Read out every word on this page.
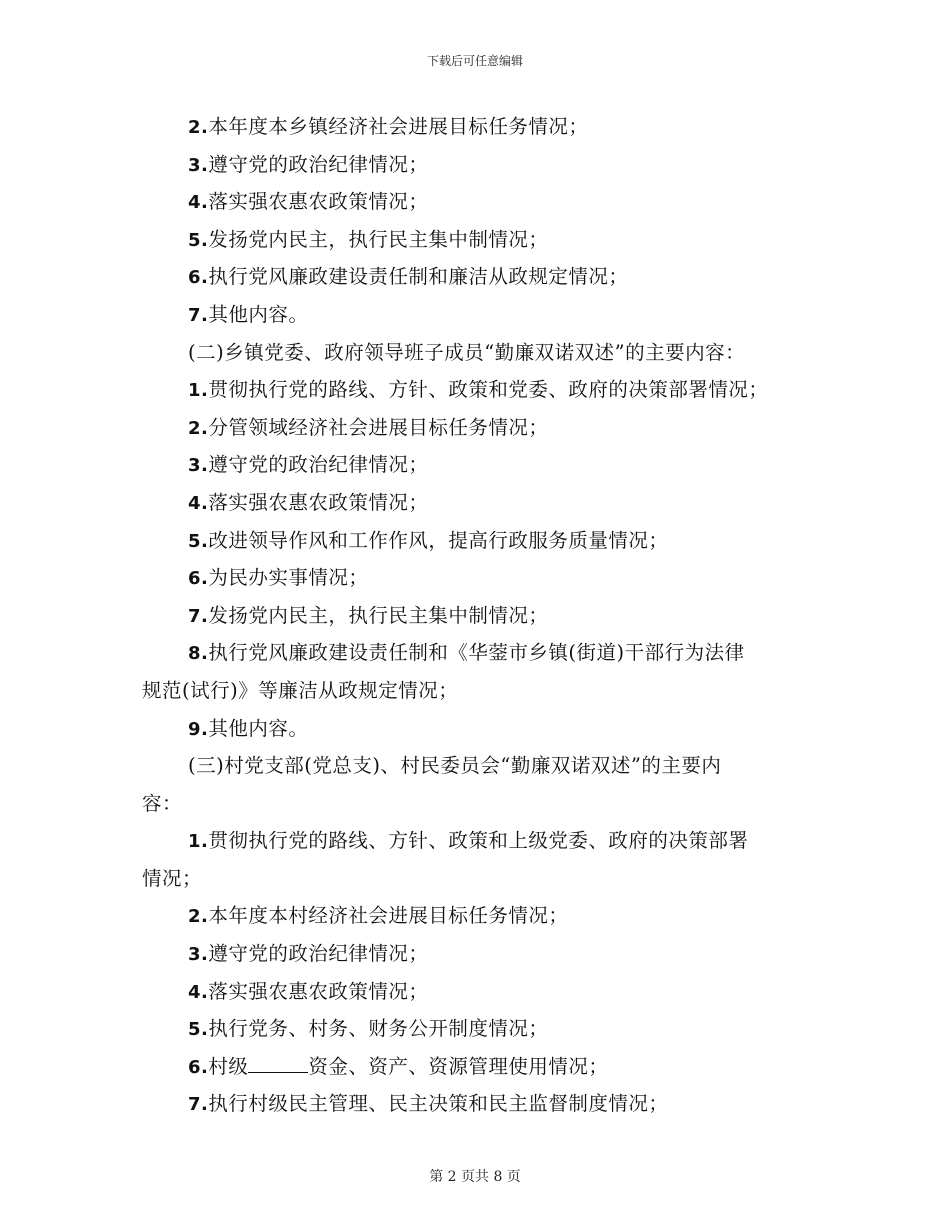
下载后可任意编辑
2.本年度本乡镇经济社会进展目标任务情况；
3.遵守党的政治纪律情况；
4.落实强农惠农政策情况；
5.发扬党内民主，执行民主集中制情况；
6.执行党风廉政建设责任制和廉洁从政规定情况；
7.其他内容。
(二)乡镇党委、政府领导班子成员“勤廉双诺双述”的主要内容：
1.贯彻执行党的路线、方针、政策和党委、政府的决策部署情况；
2.分管领域经济社会进展目标任务情况；
3.遵守党的政治纪律情况；
4.落实强农惠农政策情况；
5.改进领导作风和工作作风，提高行政服务质量情况；
6.为民办实事情况；
7.发扬党内民主，执行民主集中制情况；
8.执行党风廉政建设责任制和《华蓥市乡镇(街道)干部行为法律
规范(试行)》等廉洁从政规定情况；
9.其他内容。
(三)村党支部(党总支)、村民委员会“勤廉双诺双述”的主要内
容：
1.贯彻执行党的路线、方针、政策和上级党委、政府的决策部署
情况；
2.本年度本村经济社会进展目标任务情况；
3.遵守党的政治纪律情况；
4.落实强农惠农政策情况；
5.执行党务、村务、财务公开制度情况；
6.村级	资金、资产、资源管理使用情况；
7.执行村级民主管理、民主决策和民主监督制度情况；
第 2 页共 8 页
